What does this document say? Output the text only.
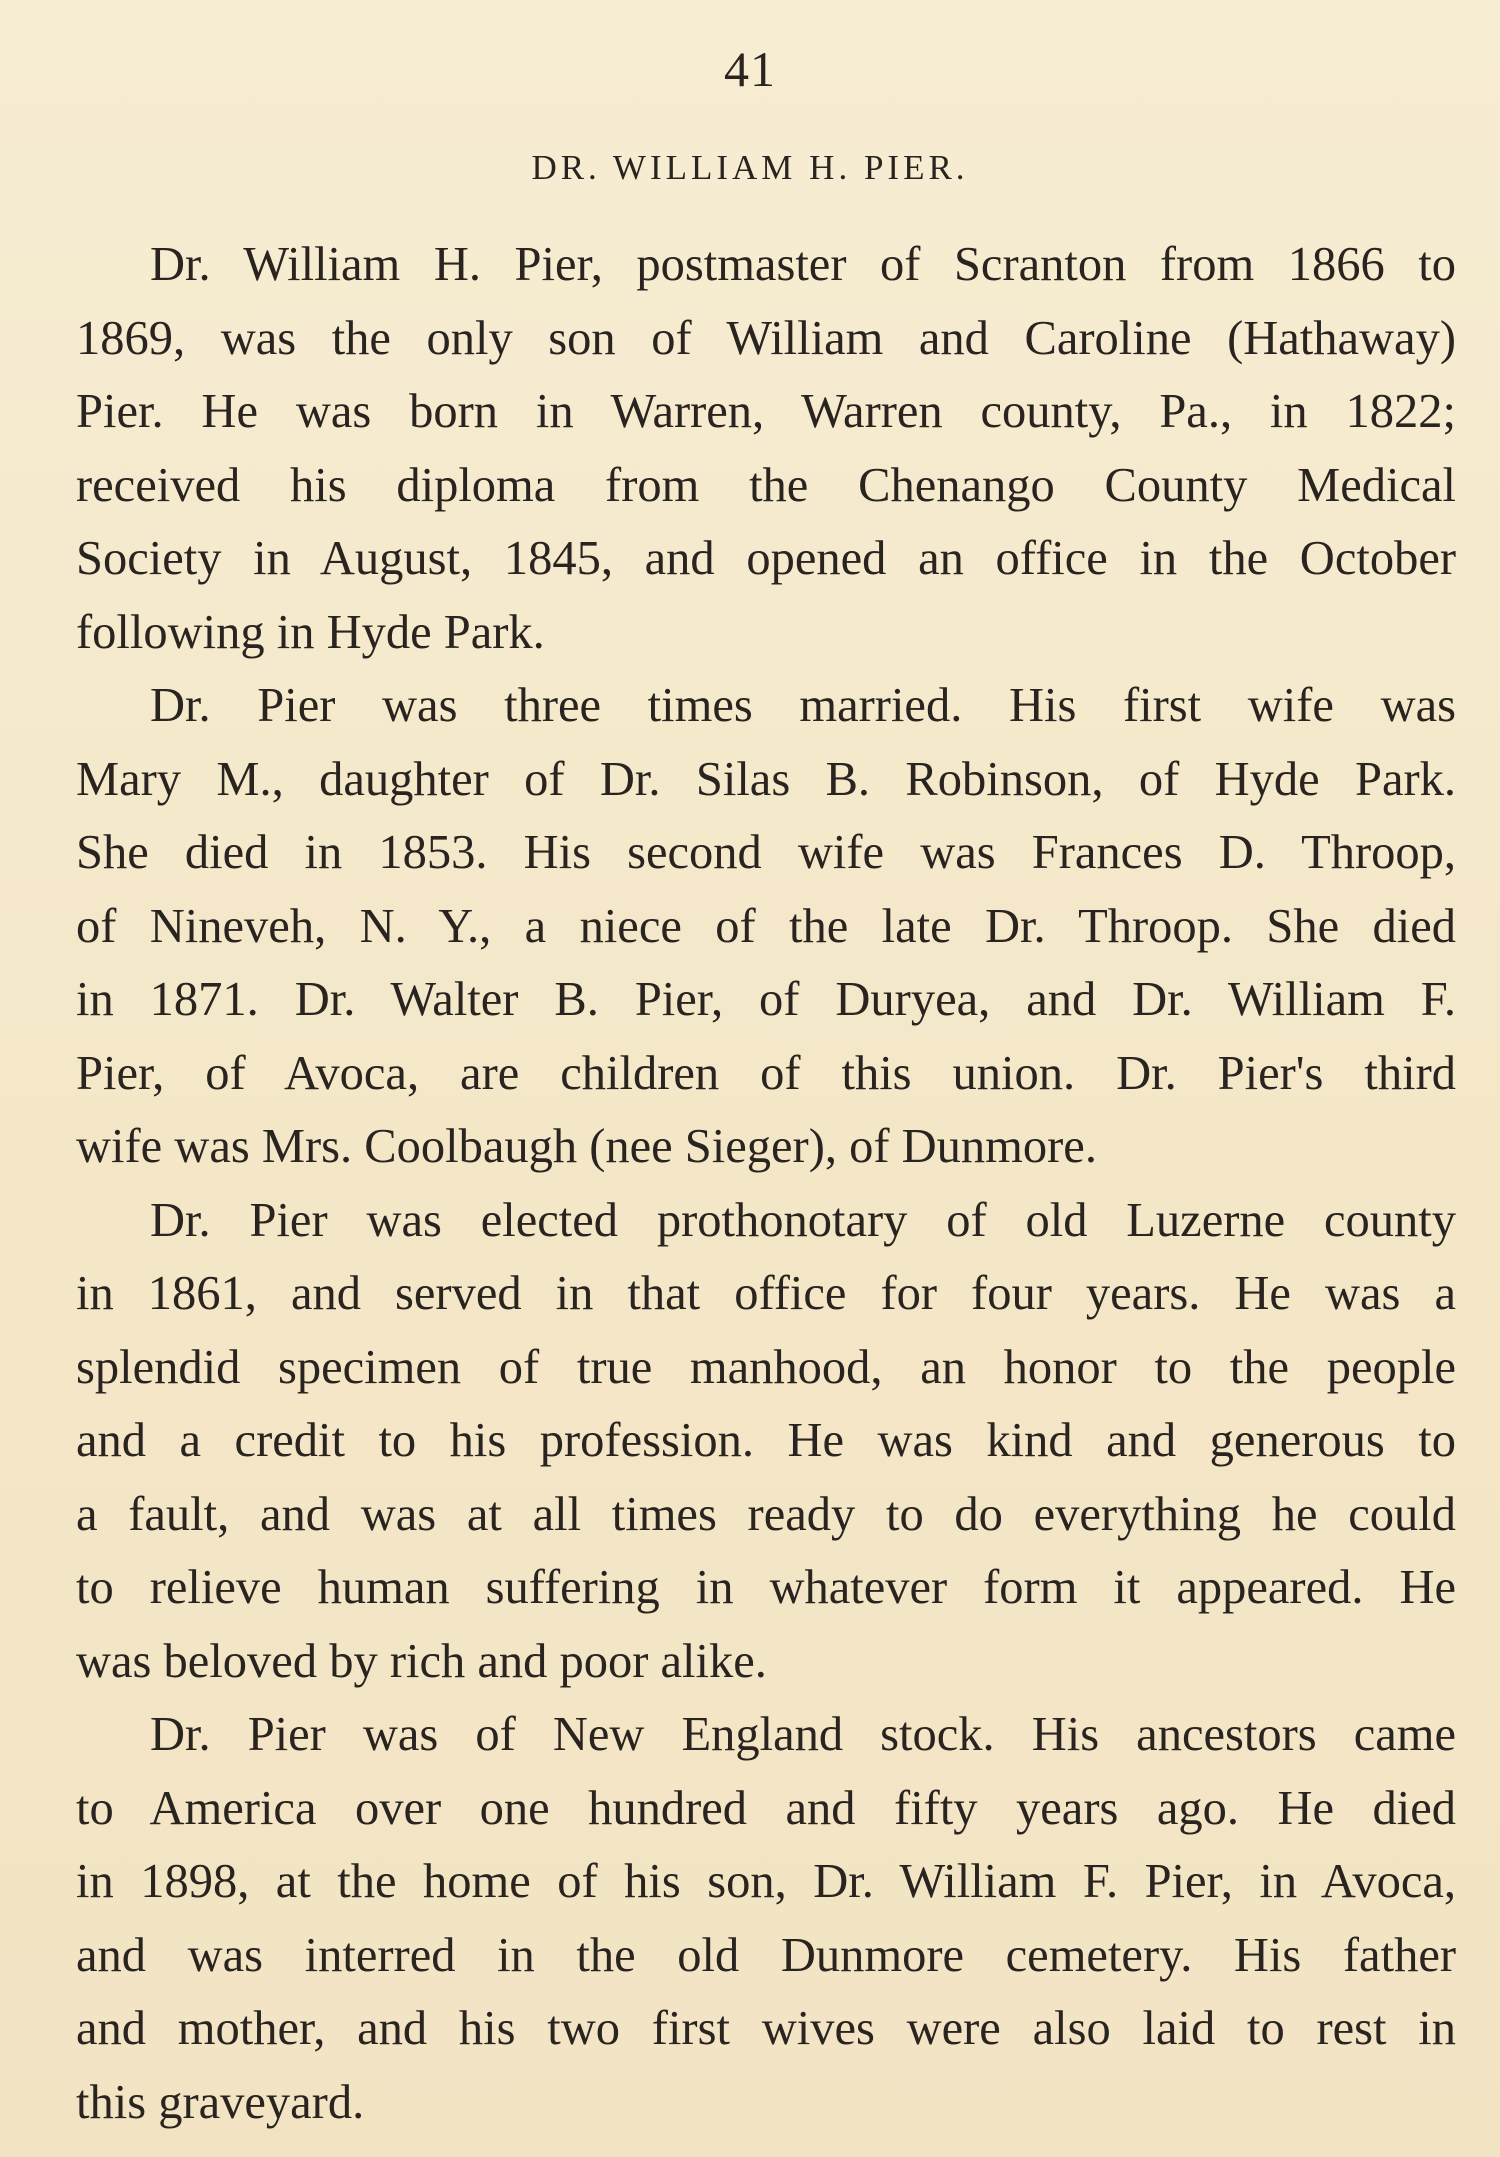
41
DR. WILLIAM H. PIER.
Dr. William H. Pier, postmaster of Scranton from 1866 to
1869, was the only son of William and Caroline (Hathaway)
Pier. He was born in Warren, Warren county, Pa., in 1822;
received his diploma from the Chenango County Medical
Society in August, 1845, and opened an office in the October
following in Hyde Park.
Dr. Pier was three times married. His first wife was
Mary M., daughter of Dr. Silas B. Robinson, of Hyde Park.
She died in 1853. His second wife was Frances D. Throop,
of Nineveh, N. Y., a niece of the late Dr. Throop. She died
in 1871. Dr. Walter B. Pier, of Duryea, and Dr. William F.
Pier, of Avoca, are children of this union. Dr. Pier's third
wife was Mrs. Coolbaugh (nee Sieger), of Dunmore.
Dr. Pier was elected prothonotary of old Luzerne county
in 1861, and served in that office for four years. He was a
splendid specimen of true manhood, an honor to the people
and a credit to his profession. He was kind and generous to
a fault, and was at all times ready to do everything he could
to relieve human suffering in whatever form it appeared. He
was beloved by rich and poor alike.
Dr. Pier was of New England stock. His ancestors came
to America over one hundred and fifty years ago. He died
in 1898, at the home of his son, Dr. William F. Pier, in Avoca,
and was interred in the old Dunmore cemetery. His father
and mother, and his two first wives were also laid to rest in
this graveyard.
